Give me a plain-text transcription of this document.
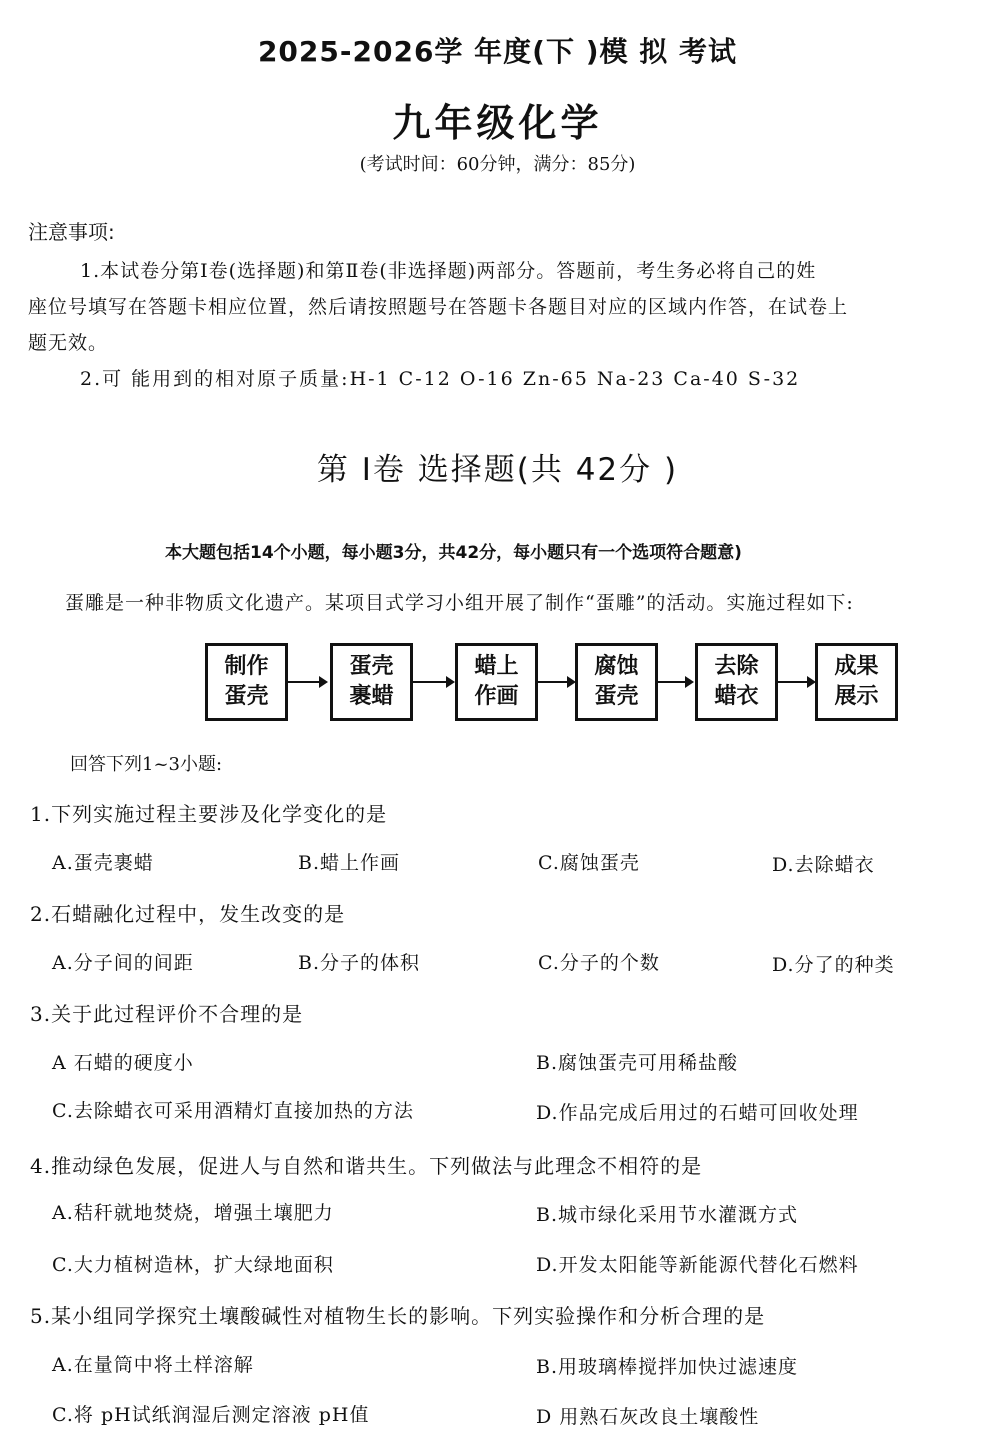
2025-2026学 年度(下 )模 拟 考试
九年级化学
(考试时间：60分钟，满分：85分)
注意事项:
1.本试卷分第Ⅰ卷(选择题)和第Ⅱ卷(非选择题)两部分。答题前，考生务必将自己的姓
座位号填写在答题卡相应位置，然后请按照题号在答题卡各题目对应的区域内作答，在试卷上
题无效。
2.可 能用到的相对原子质量:H-1 C-12 O-16 Zn-65 Na-23 Ca-40 S-32
第 Ⅰ卷 选择题(共 42分 )
本大题包括14个小题，每小题3分，共42分，每小题只有一个选项符合题意)
蛋雕是一种非物质文化遗产。某项目式学习小组开展了制作“蛋雕”的活动。实施过程如下:
制作蛋壳
蛋壳裹蜡
蜡上作画
腐蚀蛋壳
去除蜡衣
成果展示
回答下列1~3小题:
1.下列实施过程主要涉及化学变化的是
A.蛋壳裹蜡	B.蜡上作画	C.腐蚀蛋壳	D.去除蜡衣
2.石蜡融化过程中，发生改变的是
A.分子间的间距	B.分子的体积	C.分子的个数	D.分了的种类
3.关于此过程评价不合理的是
A 石蜡的硬度小	B.腐蚀蛋壳可用稀盐酸
C.去除蜡衣可采用酒精灯直接加热的方法	D.作品完成后用过的石蜡可回收处理
4.推动绿色发展，促进人与自然和谐共生。下列做法与此理念不相符的是
A.秸秆就地焚烧，增强土壤肥力	B.城市绿化采用节水灌溉方式
C.大力植树造林，扩大绿地面积	D.开发太阳能等新能源代替化石燃料
5.某小组同学探究土壤酸碱性对植物生长的影响。下列实验操作和分析合理的是
A.在量筒中将土样溶解	B.用玻璃棒搅拌加快过滤速度
C.将 pH试纸润湿后测定溶液 pH值	D 用熟石灰改良土壤酸性
